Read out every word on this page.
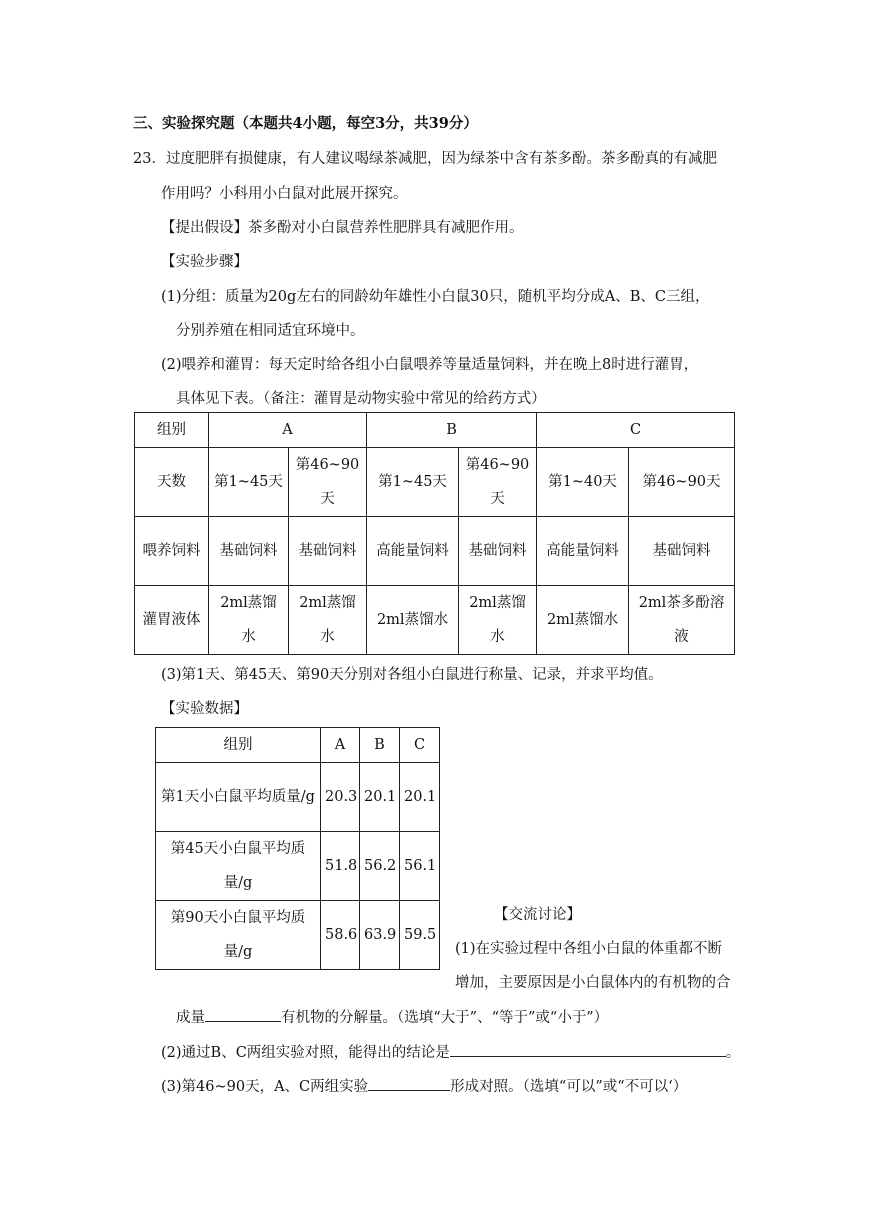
三、实验探究题（本题共4小题，每空3分，共39分）
23．过度肥胖有损健康，有人建议喝绿茶减肥，因为绿茶中含有茶多酚。茶多酚真的有减肥
作用吗？小科用小白鼠对此展开探究。
【提出假设】茶多酚对小白鼠营养性肥胖具有减肥作用。
【实验步骤】
(1)分组：质量为20g左右的同龄幼年雄性小白鼠30只，随机平均分成A、B、C三组，
分别养殖在相同适宜环境中。
(2)喂养和灌胃：每天定时给各组小白鼠喂养等量适量饲料，并在晚上8时进行灌胃，
具体见下表。（备注：灌胃是动物实验中常见的给药方式）
组别	A		B		C	
天数	第1~45天	第46~90天	第1~45天	第46~90天	第1~40天	第46~90天
喂养饲料	基础饲料	基础饲料	高能量饲料	基础饲料	高能量饲料	基础饲料
灌胃液体	2ml蒸馏水	2ml蒸馏水	2ml蒸馏水	2ml蒸馏水	2ml蒸馏水	2ml茶多酚溶液
(3)第1天、第45天、第90天分别对各组小白鼠进行称量、记录，并求平均值。
【实验数据】
组别	A	B	C
第1天小白鼠平均质量/g	20.3	20.1	20.1
第45天小白鼠平均质量/g	51.8	56.2	56.1
第90天小白鼠平均质量/g	58.6	63.9	59.5
【交流讨论】
(1)在实验过程中各组小白鼠的体重都不断
增加，主要原因是小白鼠体内的有机物的合
成量	有机物的分解量。（选填“大于”、“等于”或“小于”）
(2)通过B、C两组实验对照，能得出的结论是	。
(3)第46~90天，A、C两组实验	形成对照。（选填“可以”或“不可以‘）
